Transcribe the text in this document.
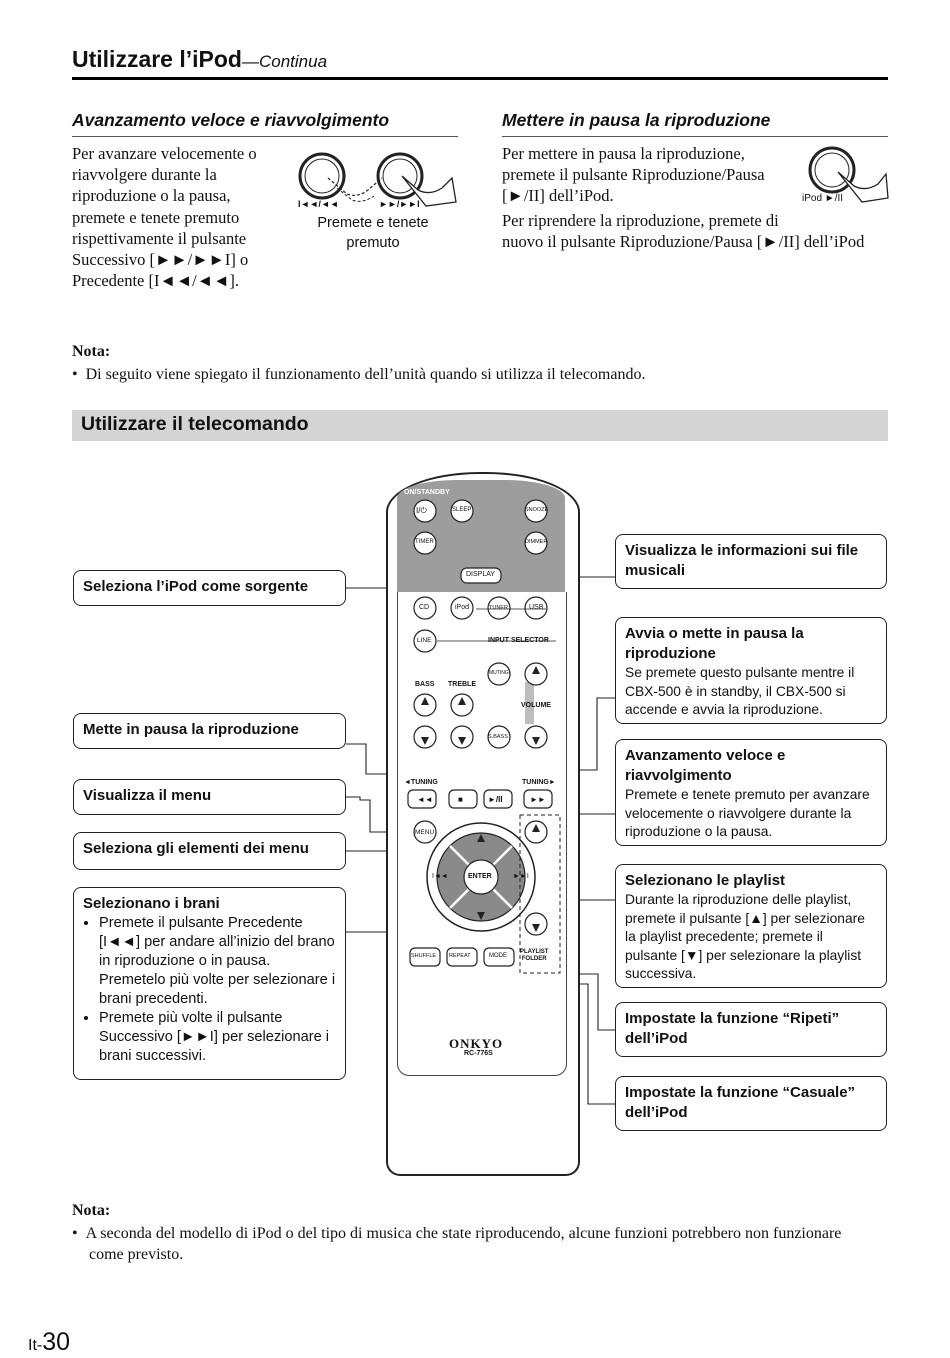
Utilizzare l’iPod—Continua
Avanzamento veloce e riavvolgimento
Per avanzare velocemente o
riavvolgere durante la
riproduzione o la pausa,
premete e tenete premuto
rispettivamente il pulsante
Successivo [►►/►►I] o
Precedente [I◄◄/◄◄].
I◄◄/◄◄	►►/►►I
Premete e tenete
premuto
Mettere in pausa la riproduzione
Per mettere in pausa la riproduzione,
premete il pulsante Riproduzione/Pausa
[►/II] dell’iPod.
Per riprendere la riproduzione, premete di
nuovo il pulsante Riproduzione/Pausa [►/II] dell’iPod
iPod ►/II
Nota:
•  Di seguito viene spiegato il funzionamento dell’unità quando si utilizza il telecomando.
Utilizzare il telecomando
ON/STANDBY
I/⏻	SLEEP	SNOOZE
TIMER	DIMMER
DISPLAY
CD	iPod	TUNER	USB
LINE	INPUT SELECTOR
MUTING
BASS TREBLE
VOLUME
S.BASS
◄TUNING	TUNING►
◄◄	■	►/II	►►
MENU
ENTER
I◄◄	►►I
SHUFFLE REPEAT	MODE
PLAYLIST
FOLDER
ONKYO
RC-776S
Seleziona l’iPod come sorgente
Mette in pausa la riproduzione
Visualizza il menu
Seleziona gli elementi dei menu
Selezionano i brani
• Premete il pulsante Precedente [I◄◄] per andare all’inizio del brano in riproduzione o in pausa. Premetelo più volte per selezionare i brani precedenti.
• Premete più volte il pulsante Successivo [►►I] per selezionare i brani successivi.
Visualizza le informazioni sui file musicali
Avvia o mette in pausa la riproduzione
Se premete questo pulsante mentre il CBX-500 è in standby, il CBX-500 si accende e avvia la riproduzione.
Avanzamento veloce e riavvolgimento
Premete e tenete premuto per avanzare velocemente o riavvolgere durante la riproduzione o la pausa.
Selezionano le playlist
Durante la riproduzione delle playlist, premete il pulsante [▲] per selezionare la playlist precedente; premete il pulsante [▼] per selezionare la playlist successiva.
Impostate la funzione “Ripeti” dell’iPod
Impostate la funzione “Casuale” dell’iPod
Nota:
•  A seconda del modello di iPod o del tipo di musica che state riproducendo, alcune funzioni potrebbero non funzionare
come previsto.
It-30
